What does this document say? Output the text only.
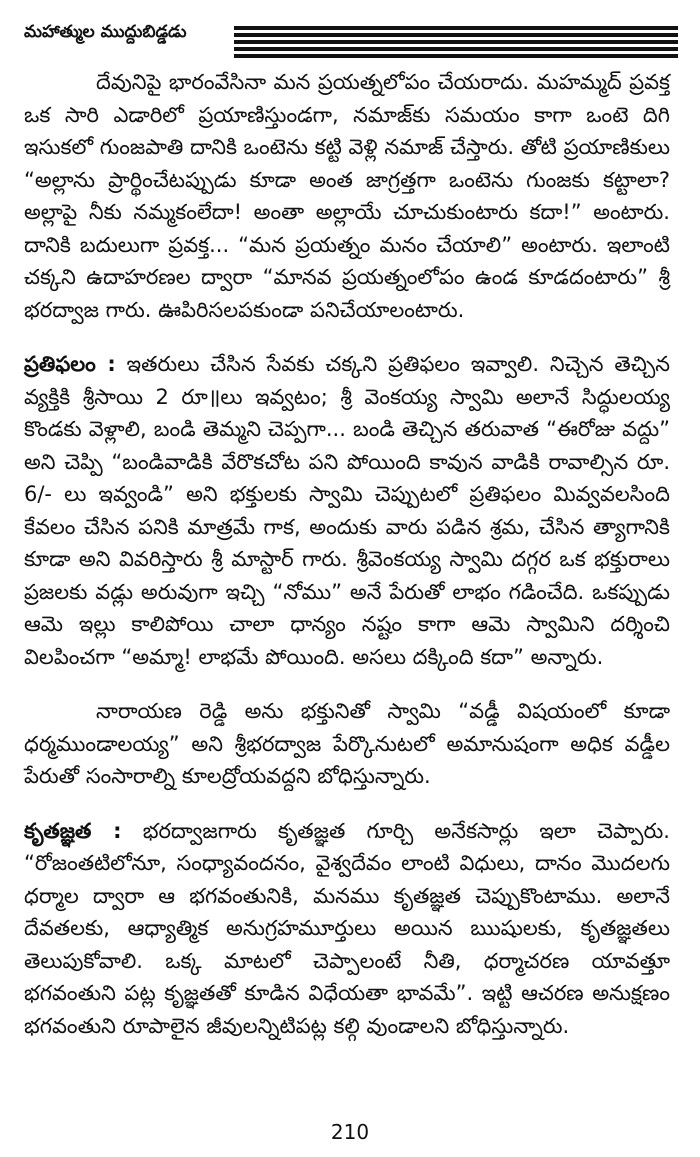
మహాత్ముల ముద్దుబిడ్డడు

దేవునిపై భారంవేసినా మన ప్రయత్నలోపం చేయరాదు. మహమ్మద్ ప్రవక్త ఒక సారి ఎడారిలో ప్రయాణిస్తుండగా, నమాజ్‌కు సమయం కాగా ఒంటె దిగి ఇసుకలో గుంజపాతి దానికి ఒంటెను కట్టి వెళ్లి నమాజ్ చేస్తారు. తోటి ప్రయాణికులు “అల్లాను ప్రార్థించేటప్పుడు కూడా అంత జాగ్రత్తగా ఒంటెను గుంజకు కట్టాలా? అల్లాపై నీకు నమ్మకంలేదా! అంతా అల్లాయే చూచుకుంటారు కదా!” అంటారు. దానికి బదులుగా ప్రవక్త... “మన ప్రయత్నం మనం చేయాలి” అంటారు. ఇలాంటి చక్కని ఉదాహరణల ద్వారా “మానవ ప్రయత్నంలోపం ఉండ కూడదంటారు” శ్రీ భరద్వాజ గారు. ఊపిరిసలపకుండా పనిచేయాలంటారు.

ప్రతిఫలం : ఇతరులు చేసిన సేవకు చక్కని ప్రతిఫలం ఇవ్వాలి. నిచ్చెన తెచ్చిన వ్యక్తికి శ్రీసాయి 2 రూ॥లు ఇవ్వటం; శ్రీ వెంకయ్య స్వామి అలానే సిద్ధులయ్య కొండకు వెళ్లాలి, బండి తెమ్మని చెప్పగా... బండి తెచ్చిన తరువాత “ఈరోజు వద్దు” అని చెప్పి “బండివాడికి వేరొకచోట పని పోయింది కావున వాడికి రావాల్సిన రూ. 6/- లు ఇవ్వండి” అని భక్తులకు స్వామి చెప్పుటలో ప్రతిఫలం మివ్వవలసింది కేవలం చేసిన పనికి మాత్రమే గాక, అందుకు వారు పడిన శ్రమ, చేసిన త్యాగానికి కూడా అని వివరిస్తారు శ్రీ మాస్టార్ గారు. శ్రీవెంకయ్య స్వామి దగ్గర ఒక భక్తురాలు ప్రజలకు వడ్లు అరువుగా ఇచ్చి “నోము” అనే పేరుతో లాభం గడించేది. ఒకప్పుడు ఆమె ఇల్లు కాలిపోయి చాలా ధాన్యం నష్టం కాగా ఆమె స్వామిని దర్శించి విలపించగా “అమ్మా! లాభమే పోయింది. అసలు దక్కింది కదా” అన్నారు.

నారాయణ రెడ్డి అను భక్తునితో స్వామి “వడ్డీ విషయంలో కూడా ధర్మముండాలయ్య” అని శ్రీభరద్వాజ పేర్కొనుటలో అమానుషంగా అధిక వడ్డీల పేరుతో సంసారాల్ని కూలద్రోయవద్దని బోధిస్తున్నారు.

కృతజ్ఞత : భరద్వాజగారు కృతజ్ఞత గూర్చి అనేకసార్లు ఇలా చెప్పారు. “రోజంతటిలోనూ, సంధ్యావందనం, వైశ్వదేవం లాంటి విధులు, దానం మొదలగు ధర్మాల ద్వారా ఆ భగవంతునికి, మనము కృతజ్ఞత చెప్పుకొంటాము. అలానే దేవతలకు, ఆధ్యాత్మిక అనుగ్రహమూర్తులు అయిన ఋషులకు, కృతజ్ఞతలు తెలుపుకోవాలి. ఒక్క మాటలో చెప్పాలంటే నీతి, ధర్మాచరణ యావత్తూ భగవంతుని పట్ల కృజ్ఞతతో కూడిన విధేయతా భావమే”. ఇట్టి ఆచరణ అనుక్షణం భగవంతుని రూపాలైన జీవులన్నిటిపట్ల కల్గి వుండాలని బోధిస్తున్నారు.

210
